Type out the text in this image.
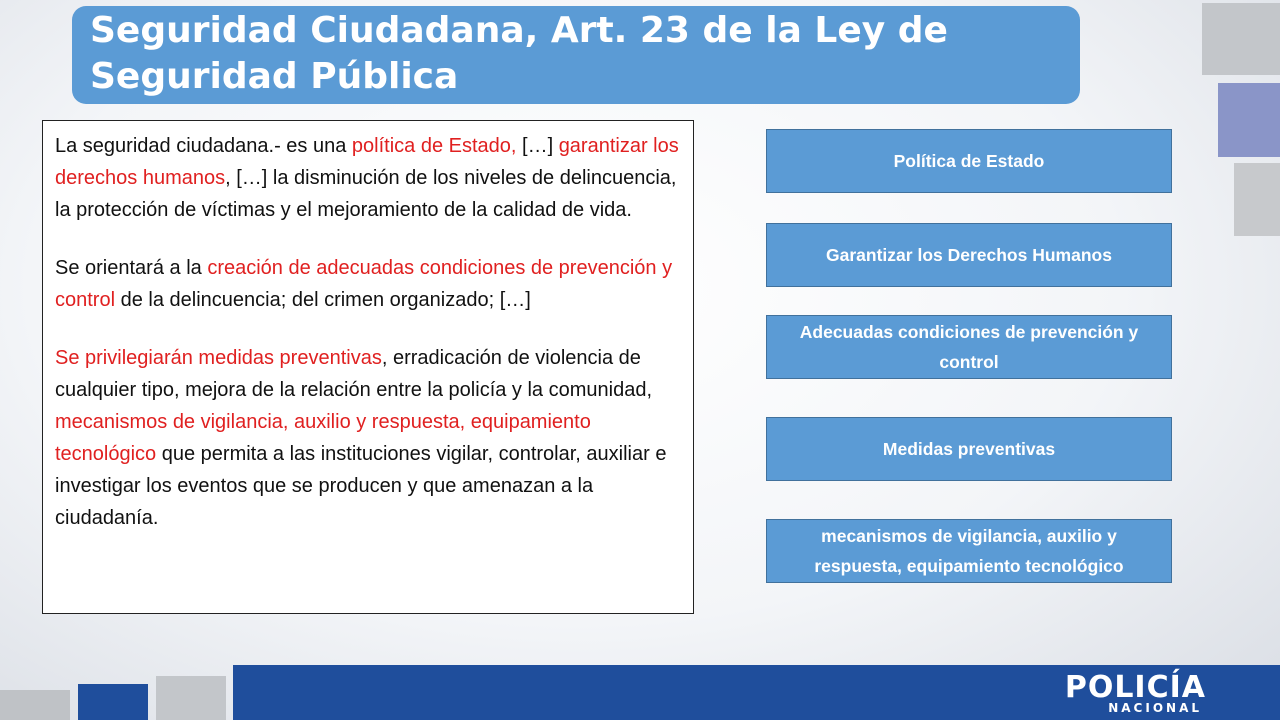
Seguridad Ciudadana, Art. 23 de la Ley de
Seguridad Pública

La seguridad ciudadana.- es una política de Estado, […] garantizar los derechos humanos, […] la disminución de los niveles de delincuencia, la protección de víctimas y el mejoramiento de la calidad de vida.

Se orientará a la creación de adecuadas condiciones de prevención y control de la delincuencia; del crimen organizado; […]

Se privilegiarán medidas preventivas, erradicación de violencia de cualquier tipo, mejora de la relación entre la policía y la comunidad, mecanismos de vigilancia, auxilio y respuesta, equipamiento tecnológico que permita a las instituciones vigilar, controlar, auxiliar e investigar los eventos que se producen y que amenazan a la ciudadanía.

Política de Estado
Garantizar los Derechos Humanos
Adecuadas condiciones de prevención y control
Medidas preventivas
mecanismos de vigilancia, auxilio y respuesta, equipamiento tecnológico
POLICÍA
NACIONAL
